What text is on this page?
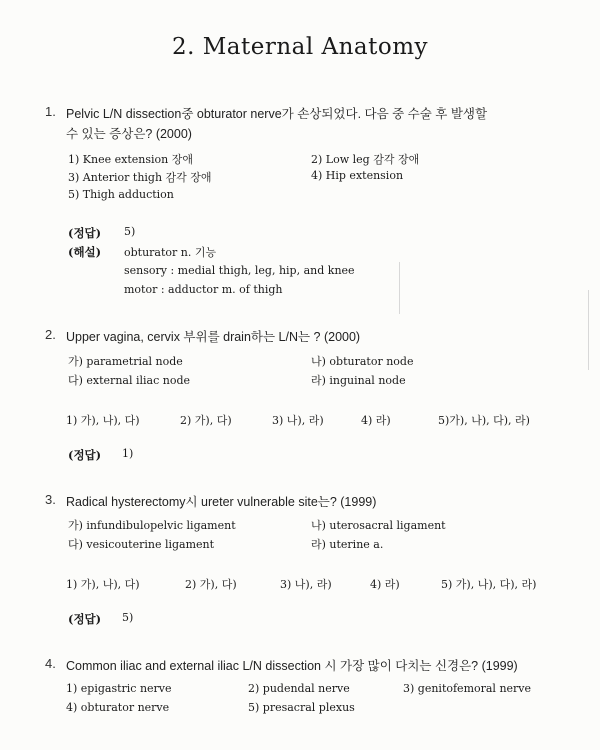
2. Maternal Anatomy
1. Pelvic L/N dissection중 obturator nerve가 손상되었다. 다음 중 수술 후 발생할
수 있는 증상은? (2000)
1) Knee extension 장애	2) Low leg 감각 장애
3) Anterior thigh 감각 장애	4) Hip extension
5) Thigh adduction
(정답) 5)
(해설) obturator n. 기능
sensory : medial thigh, leg, hip, and knee
motor : adductor m. of thigh
2. Upper vagina, cervix 부위를 drain하는 L/N는 ? (2000)
가) parametrial node	나) obturator node
다) external iliac node	라) inguinal node
1) 가), 나), 다)	2) 가), 다)	3) 나), 라)	4) 라)	5)가), 나), 다), 라)
(정답) 1)
3. Radical hysterectomy시 ureter vulnerable site는? (1999)
가) infundibulopelvic ligament	나) uterosacral ligament
다) vesicouterine ligament	라) uterine a.
1) 가), 나), 다)	2) 가), 다)	3) 나), 라)	4) 라)	5) 가), 나), 다), 라)
(정답) 5)
4. Common iliac and external iliac L/N dissection 시 가장 많이 다치는 신경은? (1999)
1) epigastric nerve	2) pudendal nerve	3) genitofemoral nerve
4) obturator nerve	5) presacral plexus
